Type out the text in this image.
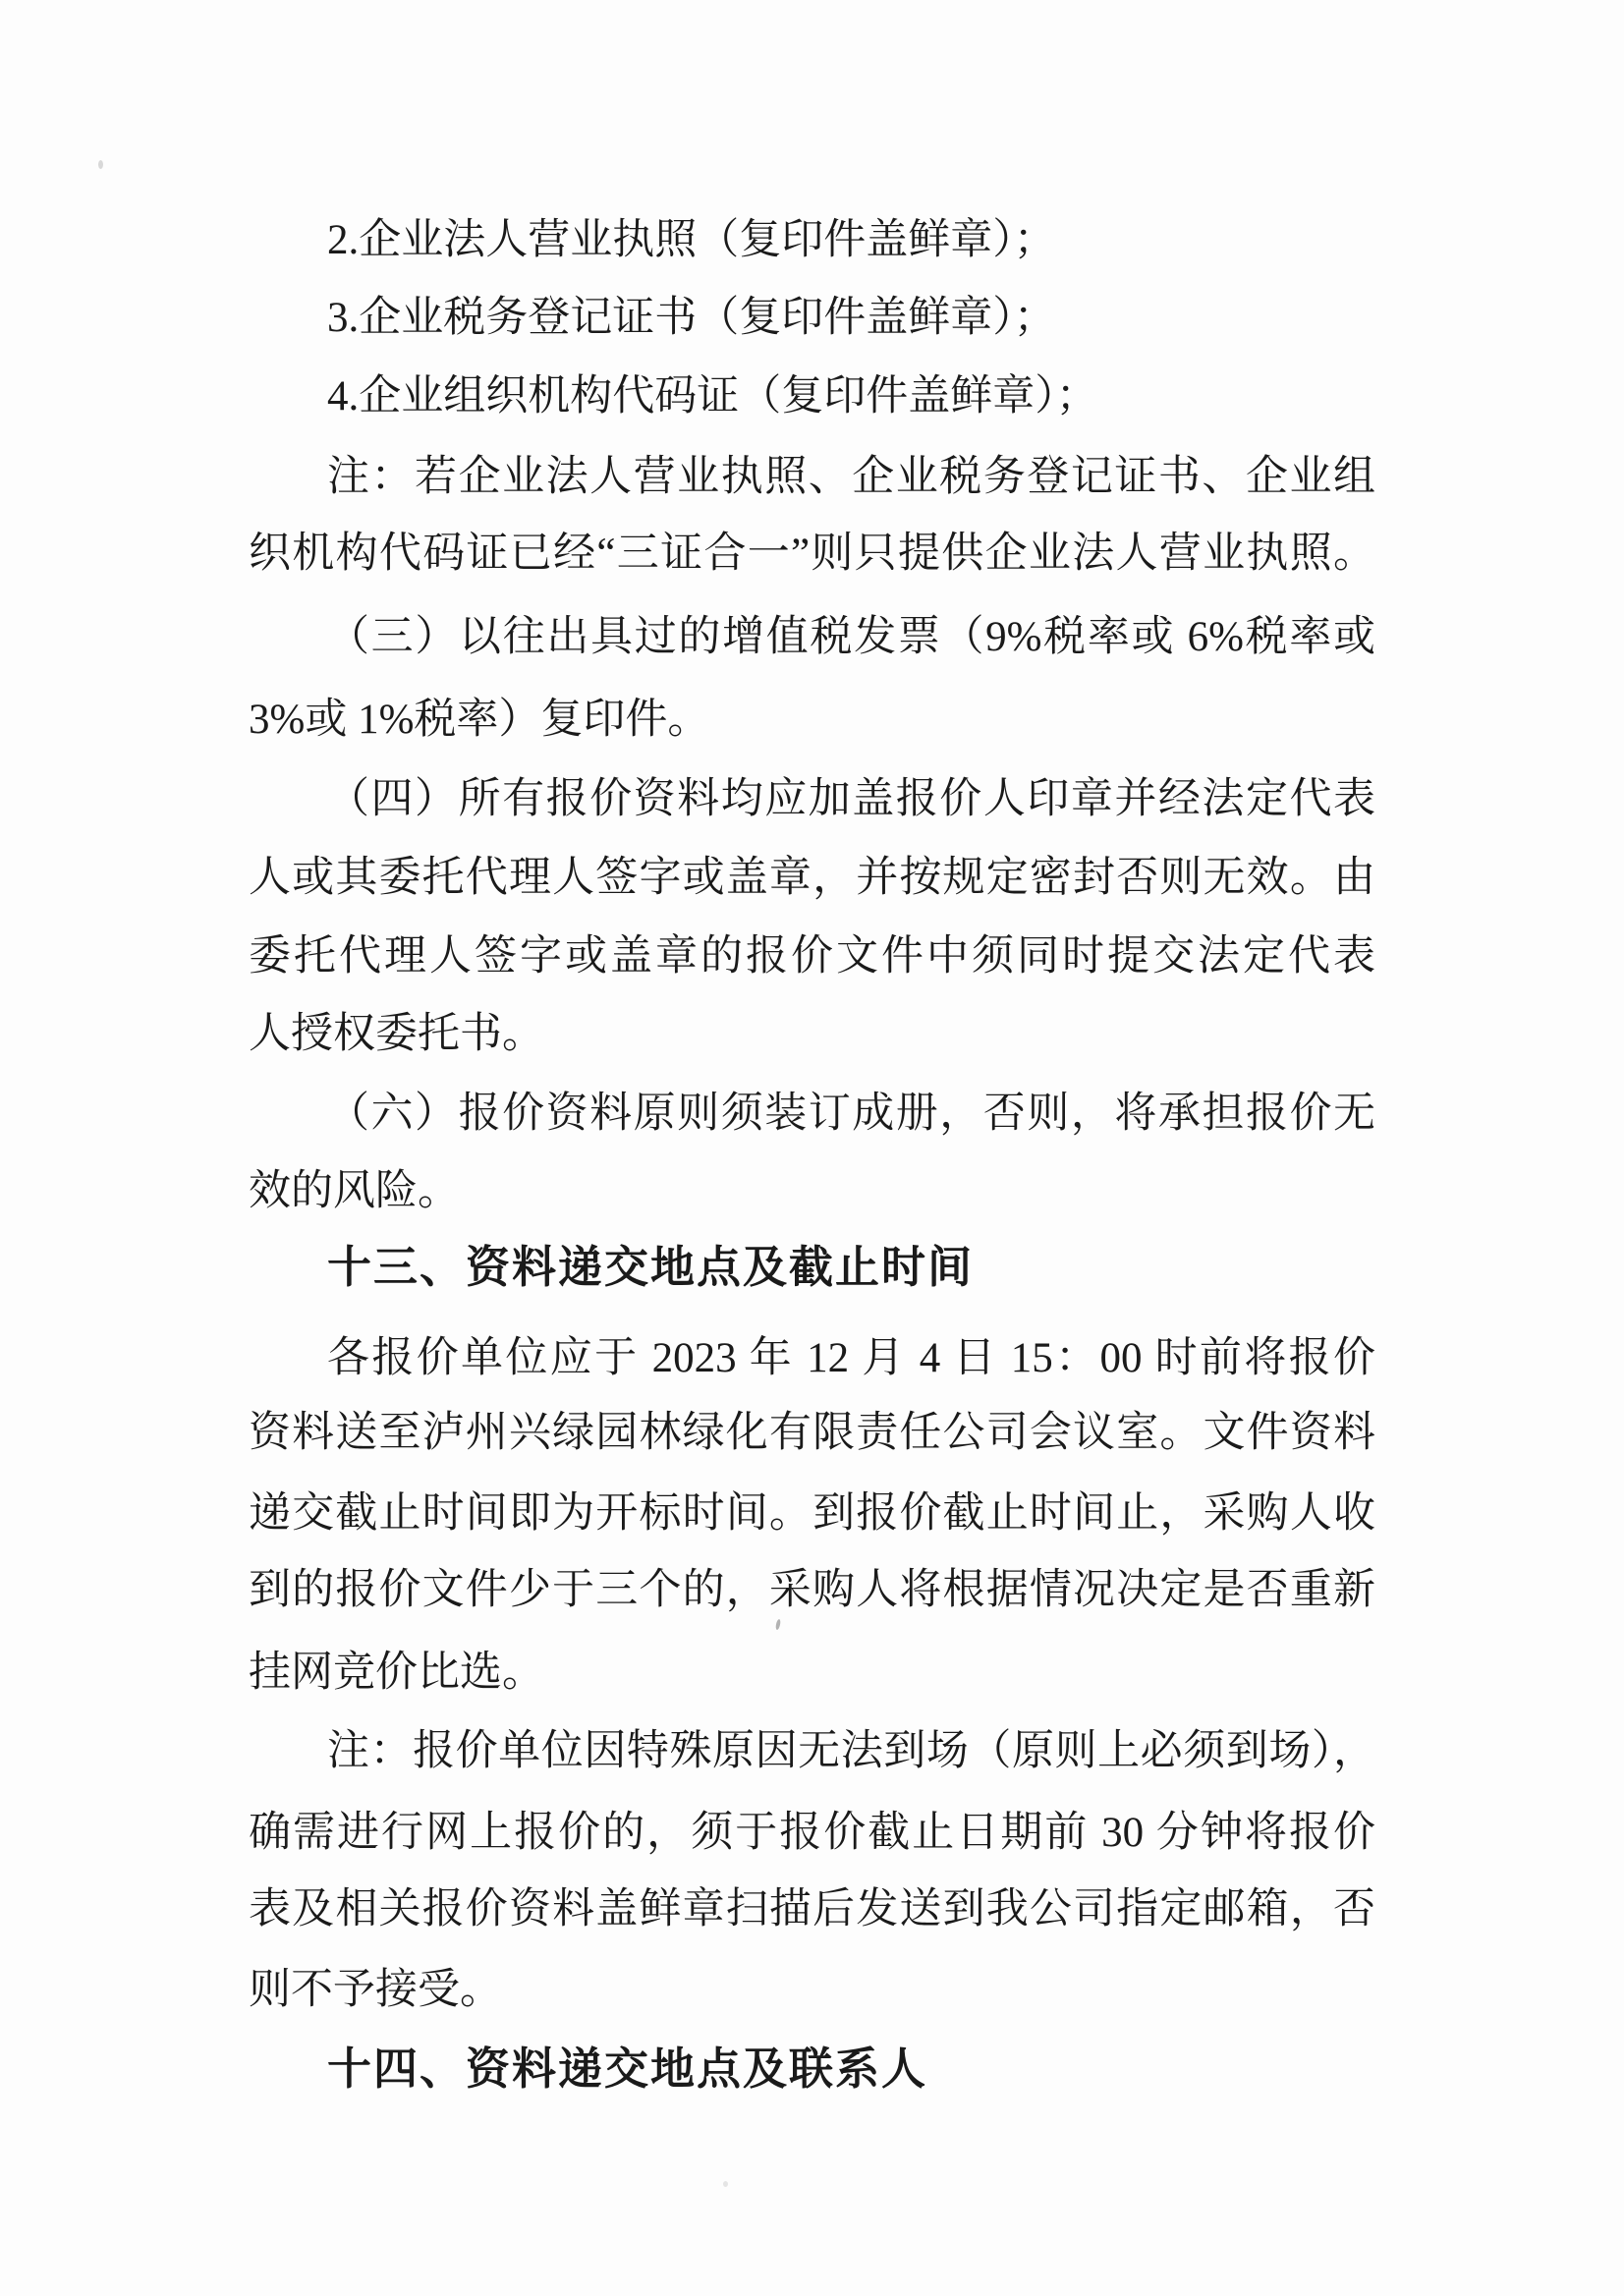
2.企业法人营业执照（复印件盖鲜章）；
3.企业税务登记证书（复印件盖鲜章）；
4.企业组织机构代码证（复印件盖鲜章）；
注：若企业法人营业执照、企业税务登记证书、企业组
织机构代码证已经“三证合一”则只提供企业法人营业执照。
（三）以往出具过的增值税发票（9%税率或 6%税率或
3%或 1%税率）复印件。
（四）所有报价资料均应加盖报价人印章并经法定代表
人或其委托代理人签字或盖章，并按规定密封否则无效。由
委托代理人签字或盖章的报价文件中须同时提交法定代表
人授权委托书。
（六）报价资料原则须装订成册，否则，将承担报价无
效的风险。
十三、资料递交地点及截止时间
各报价单位应于 2023 年 12 月 4 日 15：00 时前将报价
资料送至泸州兴绿园林绿化有限责任公司会议室。文件资料
递交截止时间即为开标时间。到报价截止时间止，采购人收
到的报价文件少于三个的，采购人将根据情况决定是否重新
挂网竞价比选。
注：报价单位因特殊原因无法到场（原则上必须到场），
确需进行网上报价的，须于报价截止日期前 30 分钟将报价
表及相关报价资料盖鲜章扫描后发送到我公司指定邮箱，否
则不予接受。
十四、资料递交地点及联系人
